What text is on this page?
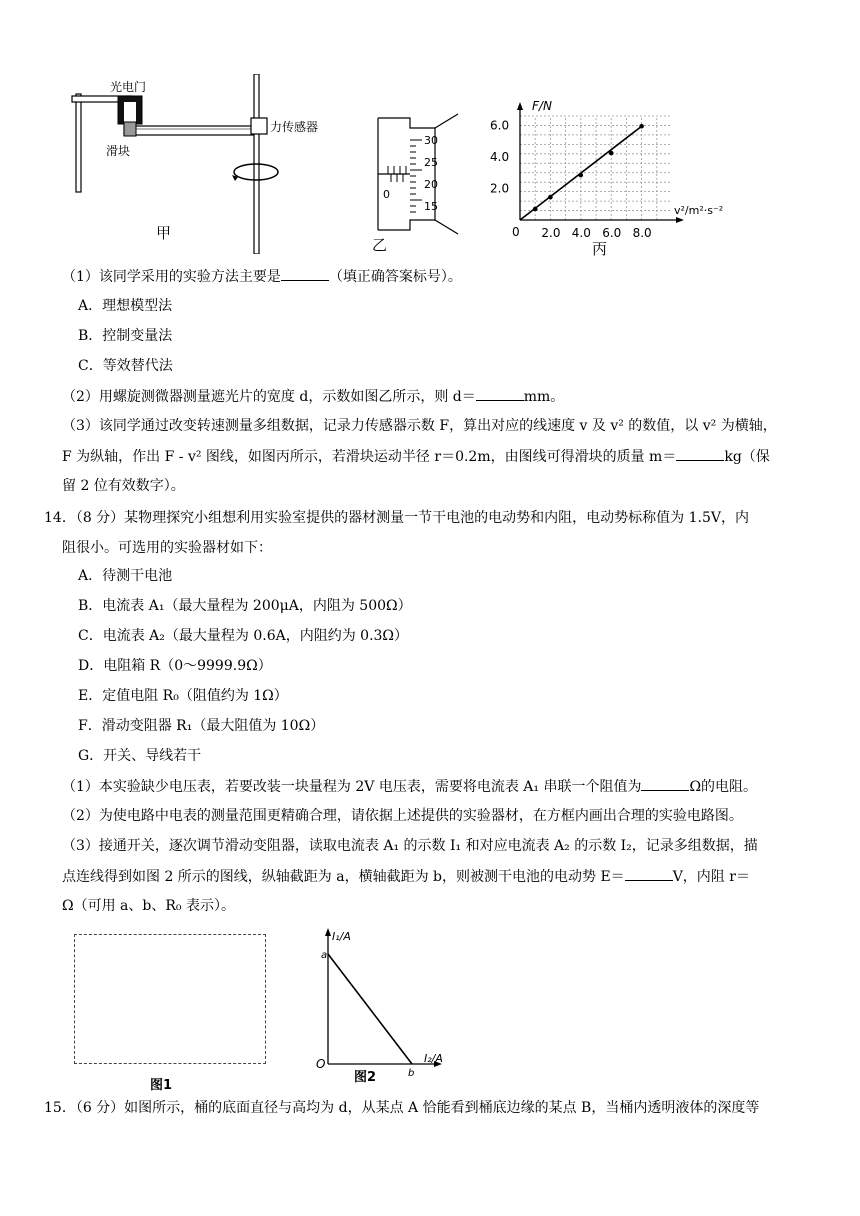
光电门
力传感器
滑块
甲
30
25
20
15
0
乙
2.0 4.0 6.0 8.0
2.0
4.0
6.0
F/N
v²/m²·s⁻²
0
丙
（1）该同学采用的实验方法主要是	（填正确答案标号）。
A．理想模型法
B．控制变量法
C．等效替代法
（2）用螺旋测微器测量遮光片的宽度 d，示数如图乙所示，则 d＝	mm。
（3）该同学通过改变转速测量多组数据，记录力传感器示数 F，算出对应的线速度 v 及 v² 的数值，以 v² 为横轴，
F 为纵轴，作出 F - v² 图线，如图丙所示，若滑块运动半径 r＝0.2m，由图线可得滑块的质量 m＝	kg（保
留 2 位有效数字）。
14．（8 分）某物理探究小组想利用实验室提供的器材测量一节干电池的电动势和内阻，电动势标称值为 1.5V，内
阻很小。可选用的实验器材如下：
A．待测干电池
B．电流表 A₁（最大量程为 200μA，内阻为 500Ω）
C．电流表 A₂（最大量程为 0.6A，内阻约为 0.3Ω）
D．电阻箱 R（0～9999.9Ω）
E．定值电阻 R₀（阻值约为 1Ω）
F．滑动变阻器 R₁（最大阻值为 10Ω）
G．开关、导线若干
（1）本实验缺少电压表，若要改装一块量程为 2V 电压表，需要将电流表 A₁ 串联一个阻值为	Ω的电阻。
（2）为使电路中电表的测量范围更精确合理，请依据上述提供的实验器材，在方框内画出合理的实验电路图。
（3）接通开关，逐次调节滑动变阻器，读取电流表 A₁ 的示数 I₁ 和对应电流表 A₂ 的示数 I₂，记录多组数据，描
点连线得到如图 2 所示的图线，纵轴截距为 a，横轴截距为 b，则被测干电池的电动势 E＝	V，内阻 r＝
Ω（可用 a、b、R₀ 表示）。
图1
I₁/A
I₂/A
O
a
b
图2
15．（6 分）如图所示，桶的底面直径与高均为 d，从某点 A 恰能看到桶底边缘的某点 B，当桶内透明液体的深度等
